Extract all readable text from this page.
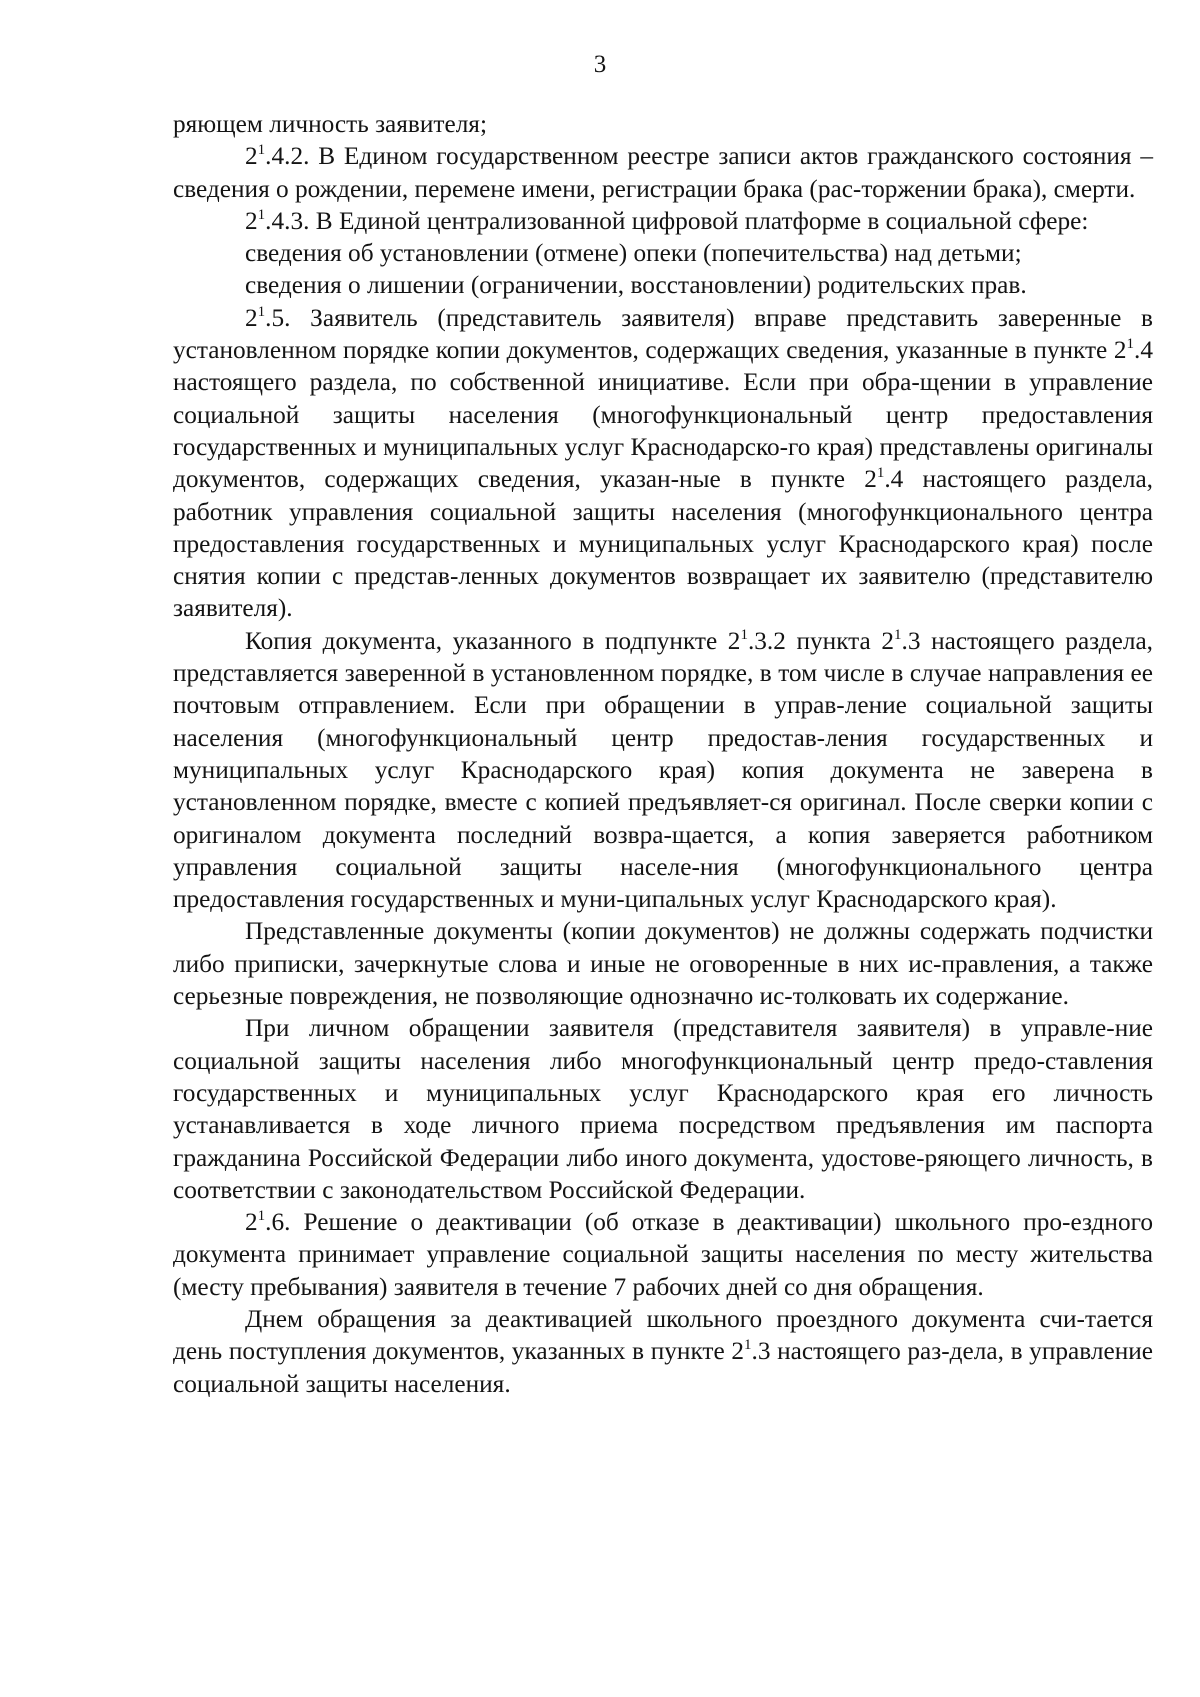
3

ряющем личность заявителя;

$2^1.4.2$. В Едином государственном реестре записи актов гражданского состояния – сведения о рождении, перемене имени, регистрации брака (рас-торжении брака), смерти.

$2^1.4.3$. В Единой централизованной цифровой платформе в социальной сфере:

сведения об установлении (отмене) опеки (попечительства) над детьми;

сведения о лишении (ограничении, восстановлении) родительских прав.

$2^1.5$. Заявитель (представитель заявителя) вправе представить заверенные в установленном порядке копии документов, содержащих сведения, указанные в пункте $2^1.4$ настоящего раздела, по собственной инициативе. Если при обра-щении в управление социальной защиты населения (многофункциональный центр предоставления государственных и муниципальных услуг Краснодарско-го края) представлены оригиналы документов, содержащих сведения, указан-ные в пункте $2^1.4$ настоящего раздела, работник управления социальной защиты населения (многофункционального центра предоставления государственных и муниципальных услуг Краснодарского края) после снятия копии с представ-ленных документов возвращает их заявителю (представителю заявителя).

Копия документа, указанного в подпункте $2^1.3.2$ пункта $2^1.3$ настоящего раздела, представляется заверенной в установленном порядке, в том числе в случае направления ее почтовым отправлением. Если при обращении в управ-ление социальной защиты населения (многофункциональный центр предостав-ления государственных и муниципальных услуг Краснодарского края) копия документа не заверена в установленном порядке, вместе с копией предъявляет-ся оригинал. После сверки копии с оригиналом документа последний возвра-щается, а копия заверяется работником управления социальной защиты населе-ния (многофункционального центра предоставления государственных и муни-ципальных услуг Краснодарского края).

Представленные документы (копии документов) не должны содержать подчистки либо приписки, зачеркнутые слова и иные не оговоренные в них ис-правления, а также серьезные повреждения, не позволяющие однозначно ис-толковать их содержание.

При личном обращении заявителя (представителя заявителя) в управле-ние социальной защиты населения либо многофункциональный центр предо-ставления государственных и муниципальных услуг Краснодарского края его личность устанавливается в ходе личного приема посредством предъявления им паспорта гражданина Российской Федерации либо иного документа, удостове-ряющего личность, в соответствии с законодательством Российской Федерации.

$2^1.6$. Решение о деактивации (об отказе в деактивации) школьного про-ездного документа принимает управление социальной защиты населения по месту жительства (месту пребывания) заявителя в течение 7 рабочих дней со дня обращения.

Днем обращения за деактивацией школьного проездного документа счи-тается день поступления документов, указанных в пункте $2^1.3$ настоящего раз-дела, в управление социальной защиты населения.
